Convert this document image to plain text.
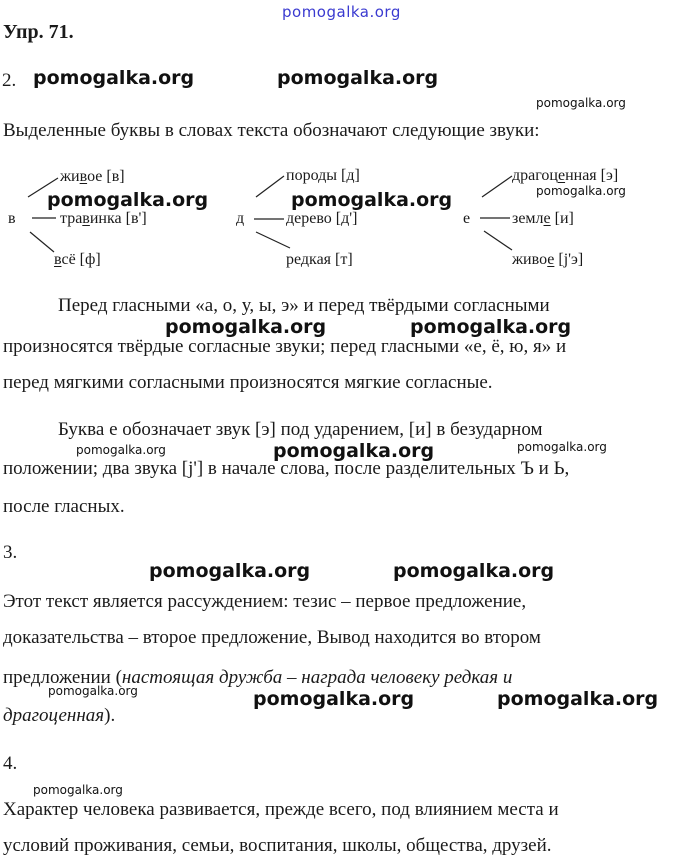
pomogalka.org
Упр. 71.
2. pomogalka.org	pomogalka.org
pomogalka.org
Выделенные буквы в словах текста обозначают следующие звуки:
в
живое [в]
травинка [в']
всё [ф]
д
породы [д]
дерево [д']
редкая [т]
е
драгоценная [э]
земле [и]
живое [j'э]
pomogalka.org	pomogalka.org	pomogalka.org
Перед гласными «а, о, у, ы, э» и перед твёрдыми согласными
pomogalka.org	pomogalka.org
произносятся твёрдые согласные звуки; перед гласными «е, ё, ю, я» и
перед мягкими согласными произносятся мягкие согласные.
Буква е обозначает звук [э] под ударением, [и] в безударном
pomogalka.org	pomogalka.org	pomogalka.org
положении; два звука [j'] в начале слова, после разделительных Ъ и Ь,
после гласных.
3.
pomogalka.org	pomogalka.org
Этот текст является рассуждением: тезис – первое предложение,
доказательства – второе предложение, Вывод находится во втором
предложении (настоящая дружба – награда человеку редкая и
pomogalka.org	pomogalka.org	pomogalka.org
драгоценная).
4.
pomogalka.org
Характер человека развивается, прежде всего, под влиянием места и
условий проживания, семьи, воспитания, школы, общества, друзей.
